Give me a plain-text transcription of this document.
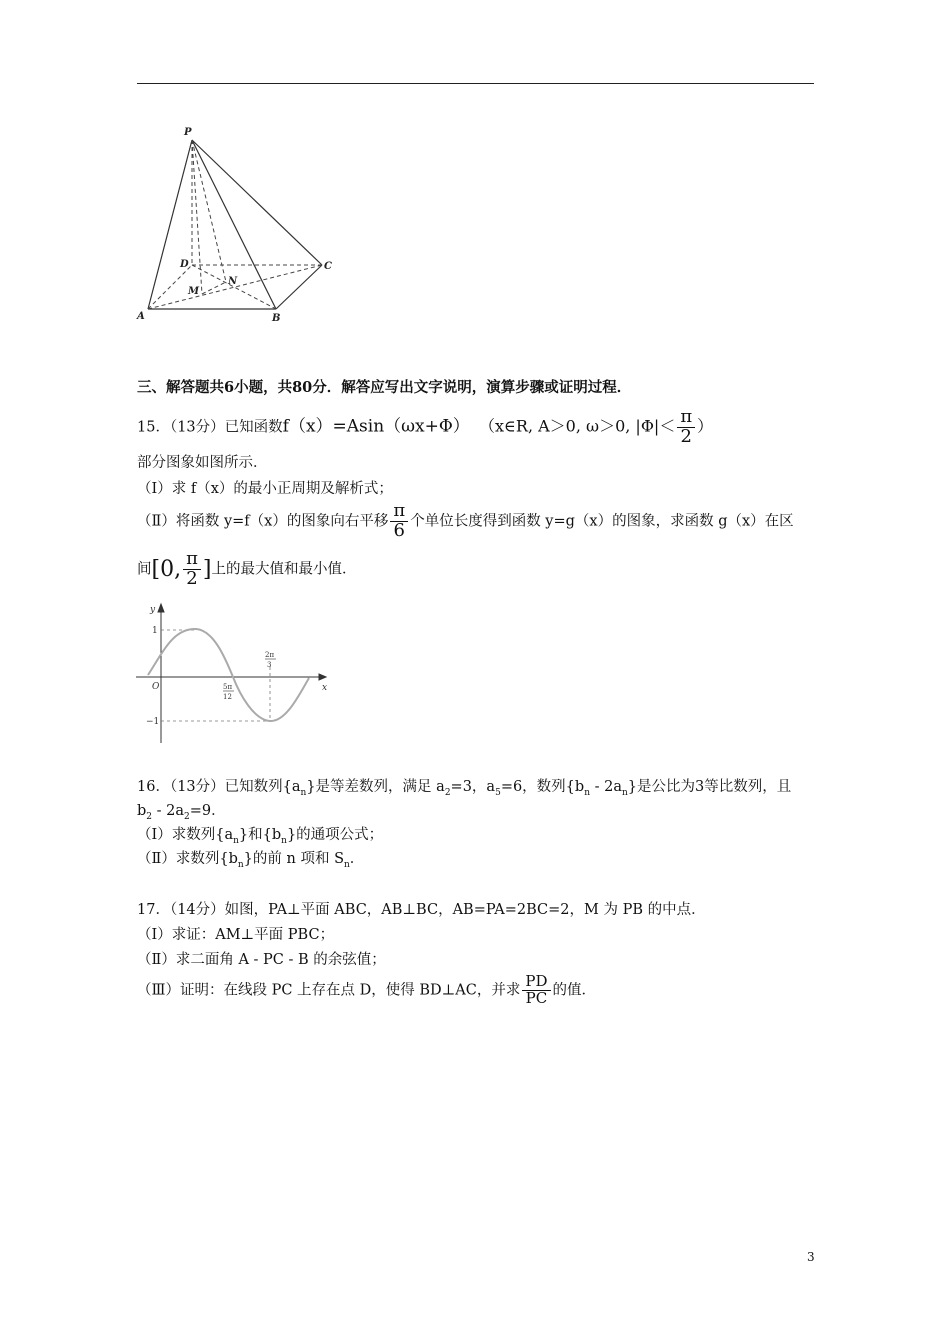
P
D
N
C
M
A	B
三、解答题共6小题，共80分．解答应写出文字说明，演算步骤或证明过程．
15．（13分）已知函数f（x）=Asin（ωx+Φ） （x∈R, A＞0, ω＞0, $|\Phi|< \frac{\pi}{2}$ ）
部分图象如图所示．
（Ⅰ）求 f（x）的最小正周期及解析式；
（Ⅱ）将函数 y=f（x）的图象向右平移 $\frac{\pi}{6}$ 个单位长度得到函数 y=g（x）的图象，求函数 g（x）在区
间[0, $\frac{\pi}{2}$ ]上的最大值和最小值．
y
x
O
1
−1
5π
12
2π
3
16．（13分）已知数列$\{a_n\}$是等差数列，满足 $a_2=3$，$a_5=6$，数列$\{b_n - 2a_n\}$是公比为3等比数列，且
$b_2 - 2a_2=9$．
（Ⅰ）求数列$\{a_n\}$和$\{b_n\}$的通项公式；
（Ⅱ）求数列$\{b_n\}$的前 n 项和 $S_n$．
17．（14分）如图，PA⊥平面 ABC，AB⊥BC，AB=PA=2BC=2，M 为 PB 的中点．
（Ⅰ）求证：AM⊥平面 PBC；
（Ⅱ）求二面角 A - PC - B 的余弦值；
（Ⅲ）证明：在线段 PC 上存在点 D，使得 BD⊥AC，并求 $\frac{PD}{PC}$ 的值．
3
